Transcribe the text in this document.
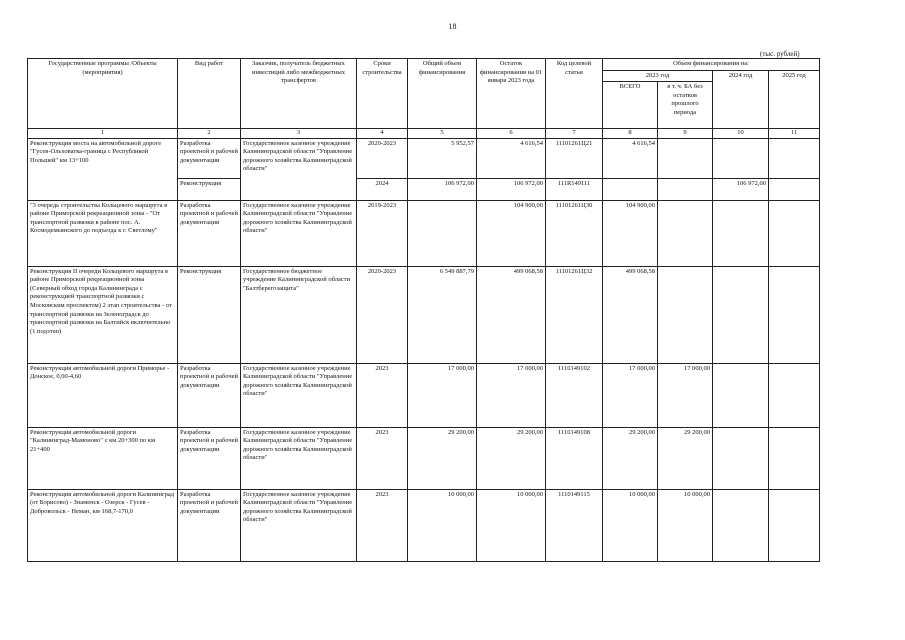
18
(тыс. рублей)
Государственные программы /Объекты (мероприятия)	Вид работ	Заказчик, получатель бюджетных инвестиций либо межбюджетных трансфертов	Сроки строительства	Общий объем финансирования	Остаток финансирования на 01 января 2023 года	Код целевой статьи	Объем финансирования на:			
							2023 год		2024 год	2025 год
							ВСЕГО	в т. ч. БА без остатков прошлого периода		
1	2	3	4	5	6	7	8	9	10	11
Реконструкция моста на автомобильной дороге "Гусев-Ольховатка-граница с Республикой Польшей" км 13+100	Разработка проектной и рабочей документации	Государственное казенное учреждение Калининградской области "Управление дорожного хозяйства Калининградской области"	2020-2023	5 952,57	4 616,54	11101261Ц21	4 616,54			
	Реконструкция		2024	106 972,00	106 972,00	111R149111			106 972,00	
"3 очередь строительства Кольцевого маршрута в районе Приморской рекреационной зоны - "От транспортной развязки в районе пос. А. Космодемьянского до подъезда к г. Светлому"	Разработка проектной и рабочей документации	Государственное казенное учреждение Калининградской области "Управление дорожного хозяйства Калининградской области"	2019-2023		104 900,00	11101261Ц30	104 900,00			
Реконструкция II очереди Кольцевого маршрута в районе Приморской рекреационной зоны (Северный обход города Калининграда с реконструкцией транспортной развязки с Московским проспектом) 2 этап строительства - от транспортной развязки на Зеленоградск до транспортной развязки на Балтийск включительно (1 подэтап)	Реконструкция	Государственное бюджетное учреждение Калининградской области "Балтберегозащита"	2020-2023	6 549 887,79	499 068,58	11101261Ц32	499 068,58			
Реконструкция автомобильной дороги Приморье - Донское, 0,00-4,60	Разработка проектной и рабочей документации	Государственное казенное учреждение Калининградской области "Управление дорожного хозяйства Калининградской области"	2023	17 000,00	17 000,00	1110149102	17 000,00	17 000,00		
Реконструкция автомобильной дороги "Калининград-Мамоново" с км 20+300 по км 21+400	Разработка проектной и рабочей документации	Государственное казенное учреждение Калининградской области "Управление дорожного хозяйства Калининградской области"	2023	29 200,00	29 200,00	1110149108	29 200,00	29 200,00		
Реконструкция автомобильной дороги Калининград (от Борисово) - Знаменск - Озерск - Гусев - Добровольск - Неман, км 168,7-170,0	Разработка проектной и рабочей документации	Государственное казенное учреждение Калининградской области "Управление дорожного хозяйства Калининградской области"	2023	10 000,00	10 000,00	1110149115	10 000,00	10 000,00		
